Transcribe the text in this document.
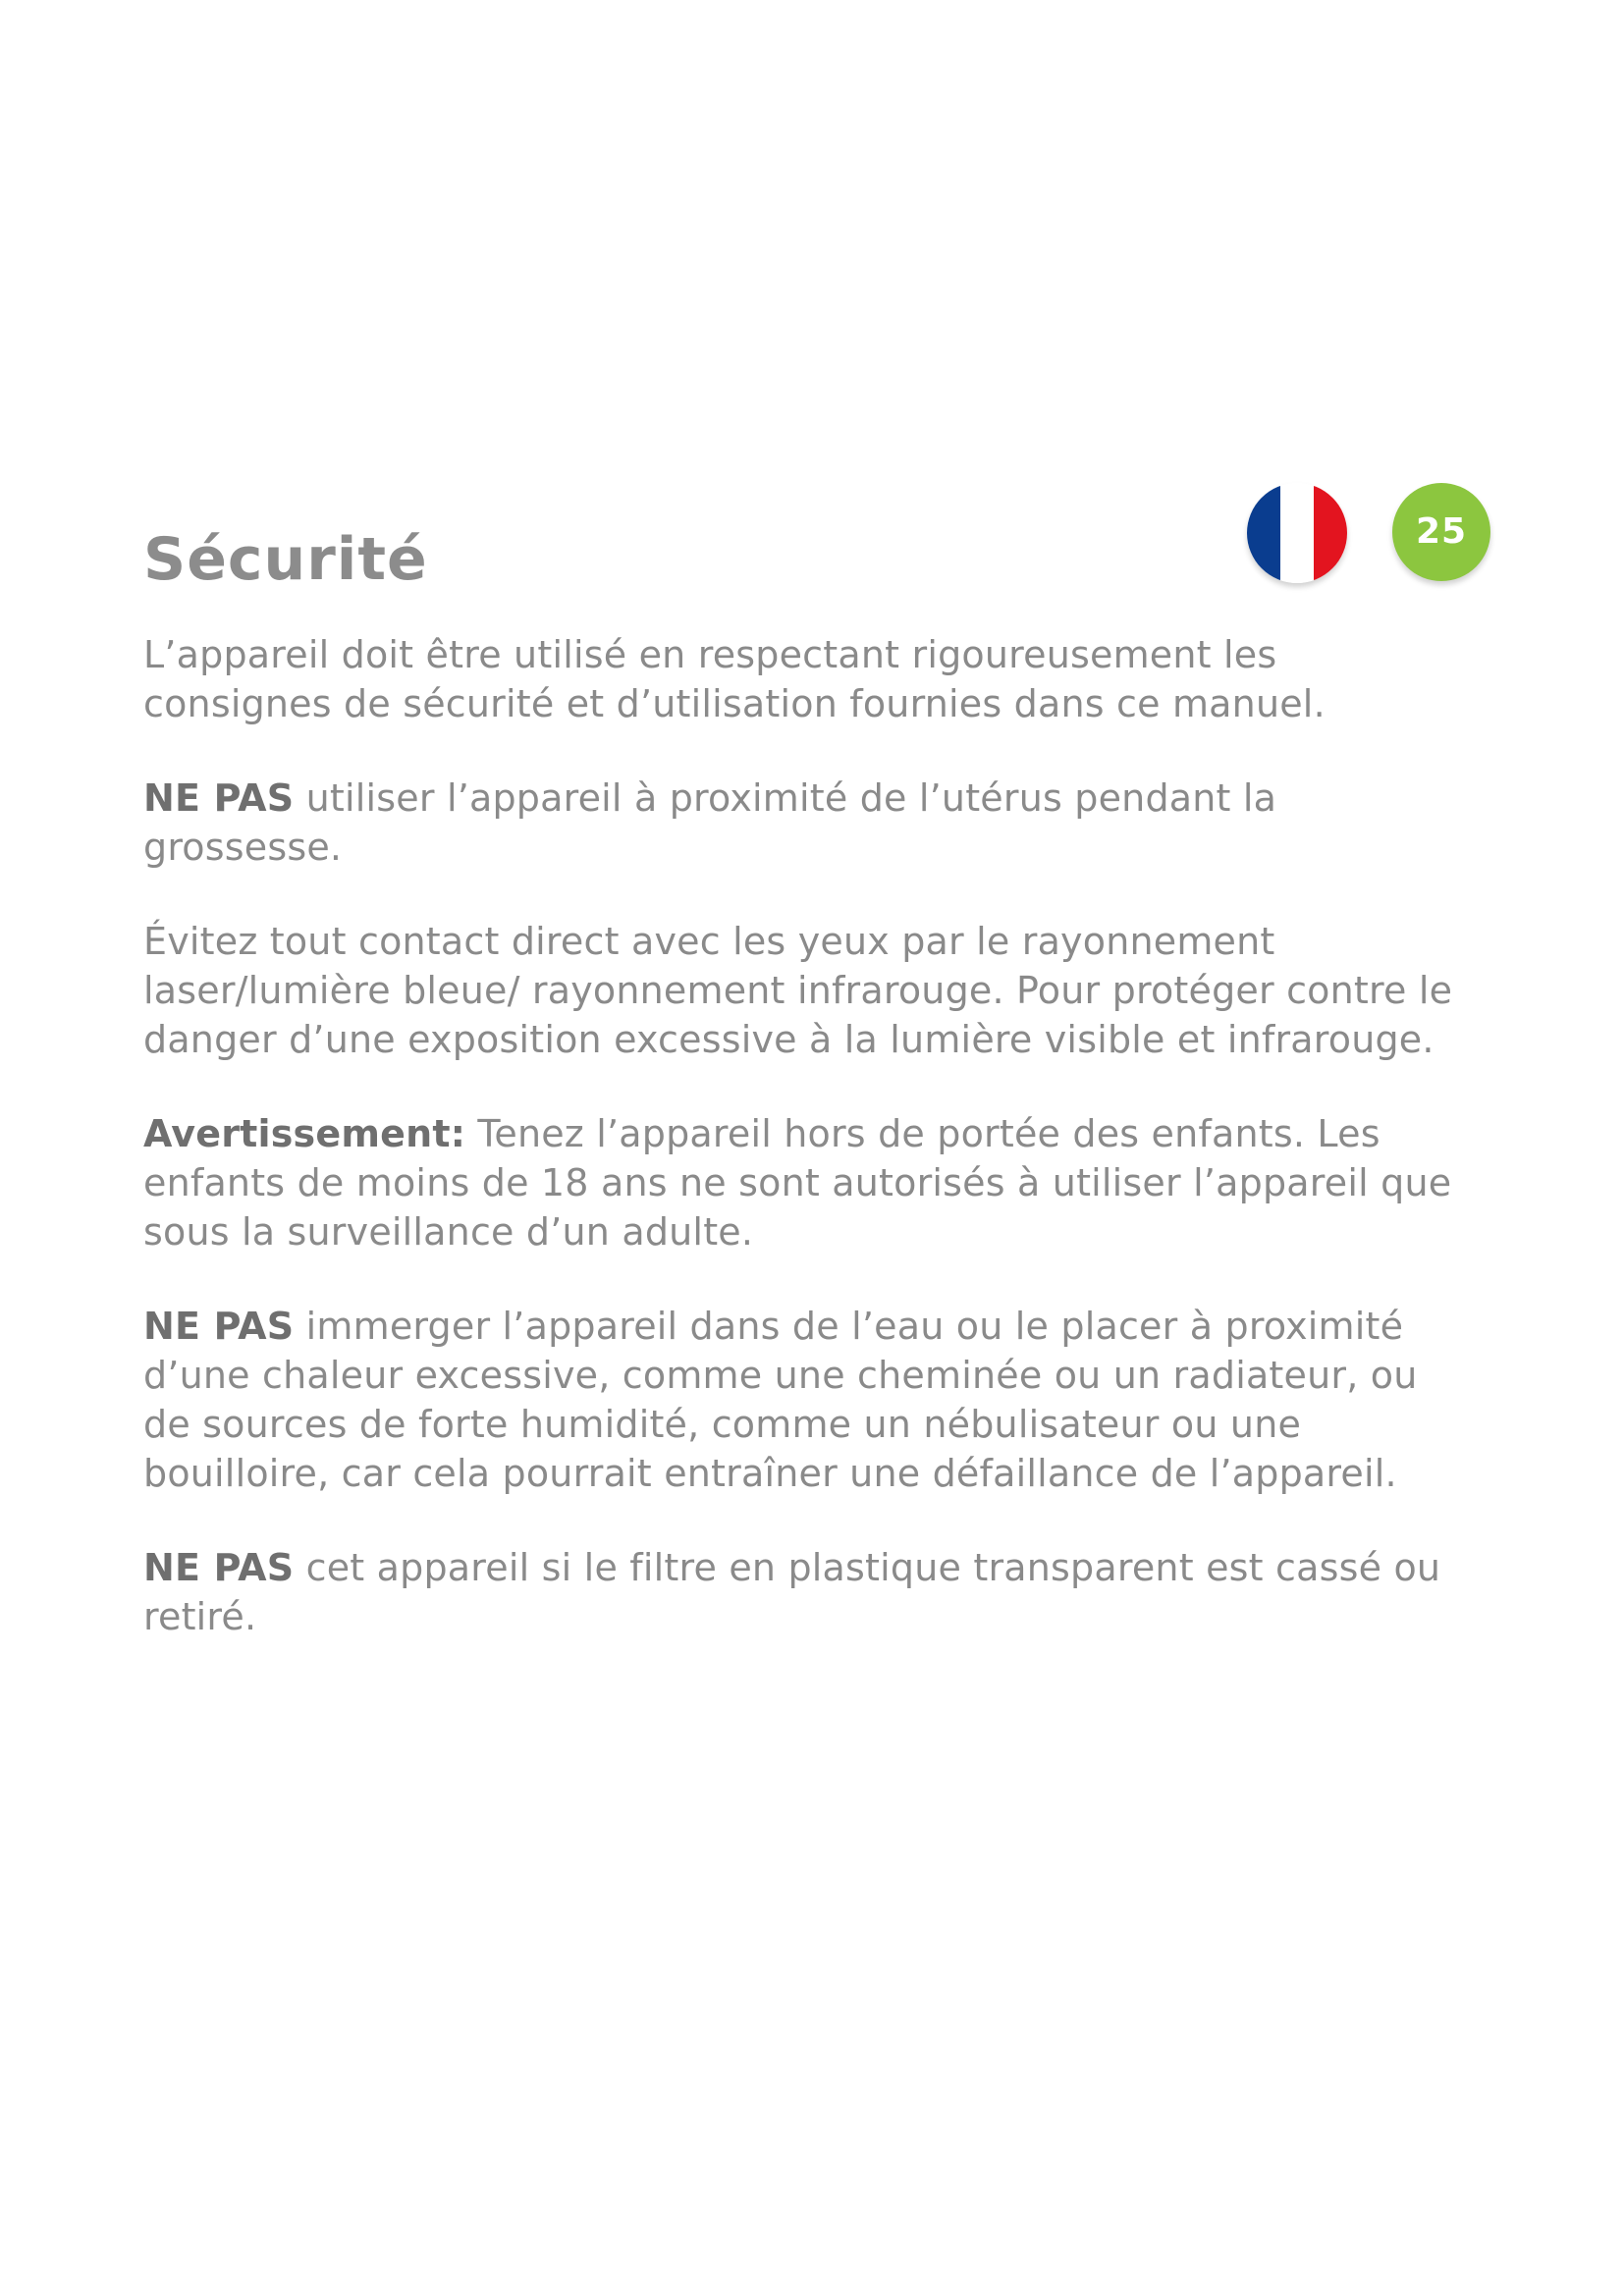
Sécurité	25

L’appareil doit être utilisé en respectant rigoureusement les consignes de sécurité et d’utilisation fournies dans ce manuel.

NE PAS utiliser l’appareil à proximité de l’utérus pendant la grossesse.

Évitez tout contact direct avec les yeux par le rayonnement laser/lumière bleue/ rayonnement infrarouge. Pour protéger contre le danger d’une exposition excessive à la lumière visible et infrarouge.

Avertissement: Tenez l’appareil hors de portée des enfants. Les enfants de moins de 18 ans ne sont autorisés à utiliser l’appareil que sous la surveillance d’un adulte.

NE PAS immerger l’appareil dans de l’eau ou le placer à proximité d’une chaleur excessive, comme une cheminée ou un radiateur, ou de sources de forte humidité, comme un nébulisateur ou une bouilloire, car cela pourrait entraîner une défaillance de l’appareil.

NE PAS cet appareil si le filtre en plastique transparent est cassé ou retiré.
